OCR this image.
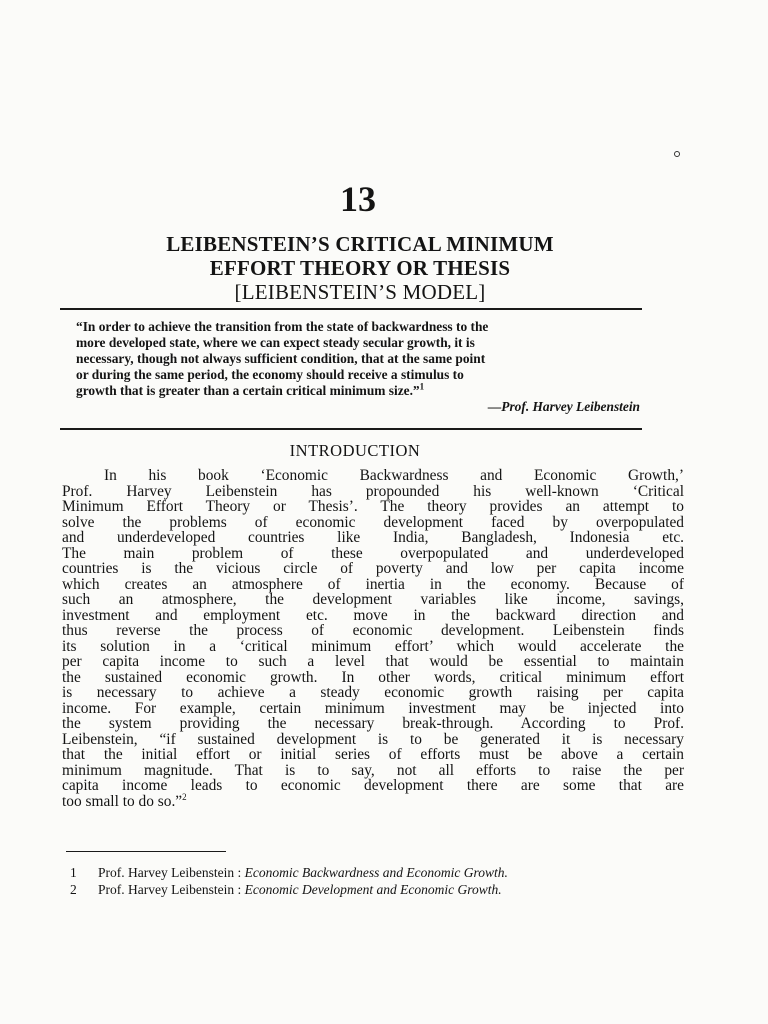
13
LEIBENSTEIN’S CRITICAL MINIMUM
EFFORT THEORY OR THESIS
[LEIBENSTEIN’S MODEL]
“In order to achieve the transition from the state of backwardness to the
more developed state, where we can expect steady secular growth, it is
necessary, though not always sufficient condition, that at the same point
or during the same period, the economy should receive a stimulus to
growth that is greater than a certain critical minimum size.”$^1$
—Prof. Harvey Leibenstein
INTRODUCTION
In his book ‘Economic Backwardness and Economic Growth,’
Prof. Harvey Leibenstein has propounded his well-known ‘Critical
Minimum Effort Theory or Thesis’. The theory provides an attempt to
solve the problems of economic development faced by overpopulated
and underdeveloped countries like India, Bangladesh, Indonesia etc.
The main problem of these overpopulated and underdeveloped
countries is the vicious circle of poverty and low per capita income
which creates an atmosphere of inertia in the economy. Because of
such an atmosphere, the development variables like income, savings,
investment and employment etc. move in the backward direction and
thus reverse the process of economic development. Leibenstein finds
its solution in a ‘critical minimum effort’ which would accelerate the
per capita income to such a level that would be essential to maintain
the sustained economic growth. In other words, critical minimum effort
is necessary to achieve a steady economic growth raising per capita
income. For example, certain minimum investment may be injected into
the system providing the necessary break-through. According to Prof.
Leibenstein, “if sustained development is to be generated it is necessary
that the initial effort or initial series of efforts must be above a certain
minimum magnitude. That is to say, not all efforts to raise the per
capita income leads to economic development there are some that are
too small to do so.”$^2$
1 Prof. Harvey Leibenstein : Economic Backwardness and Economic Growth.
2 Prof. Harvey Leibenstein : Economic Development and Economic Growth.
